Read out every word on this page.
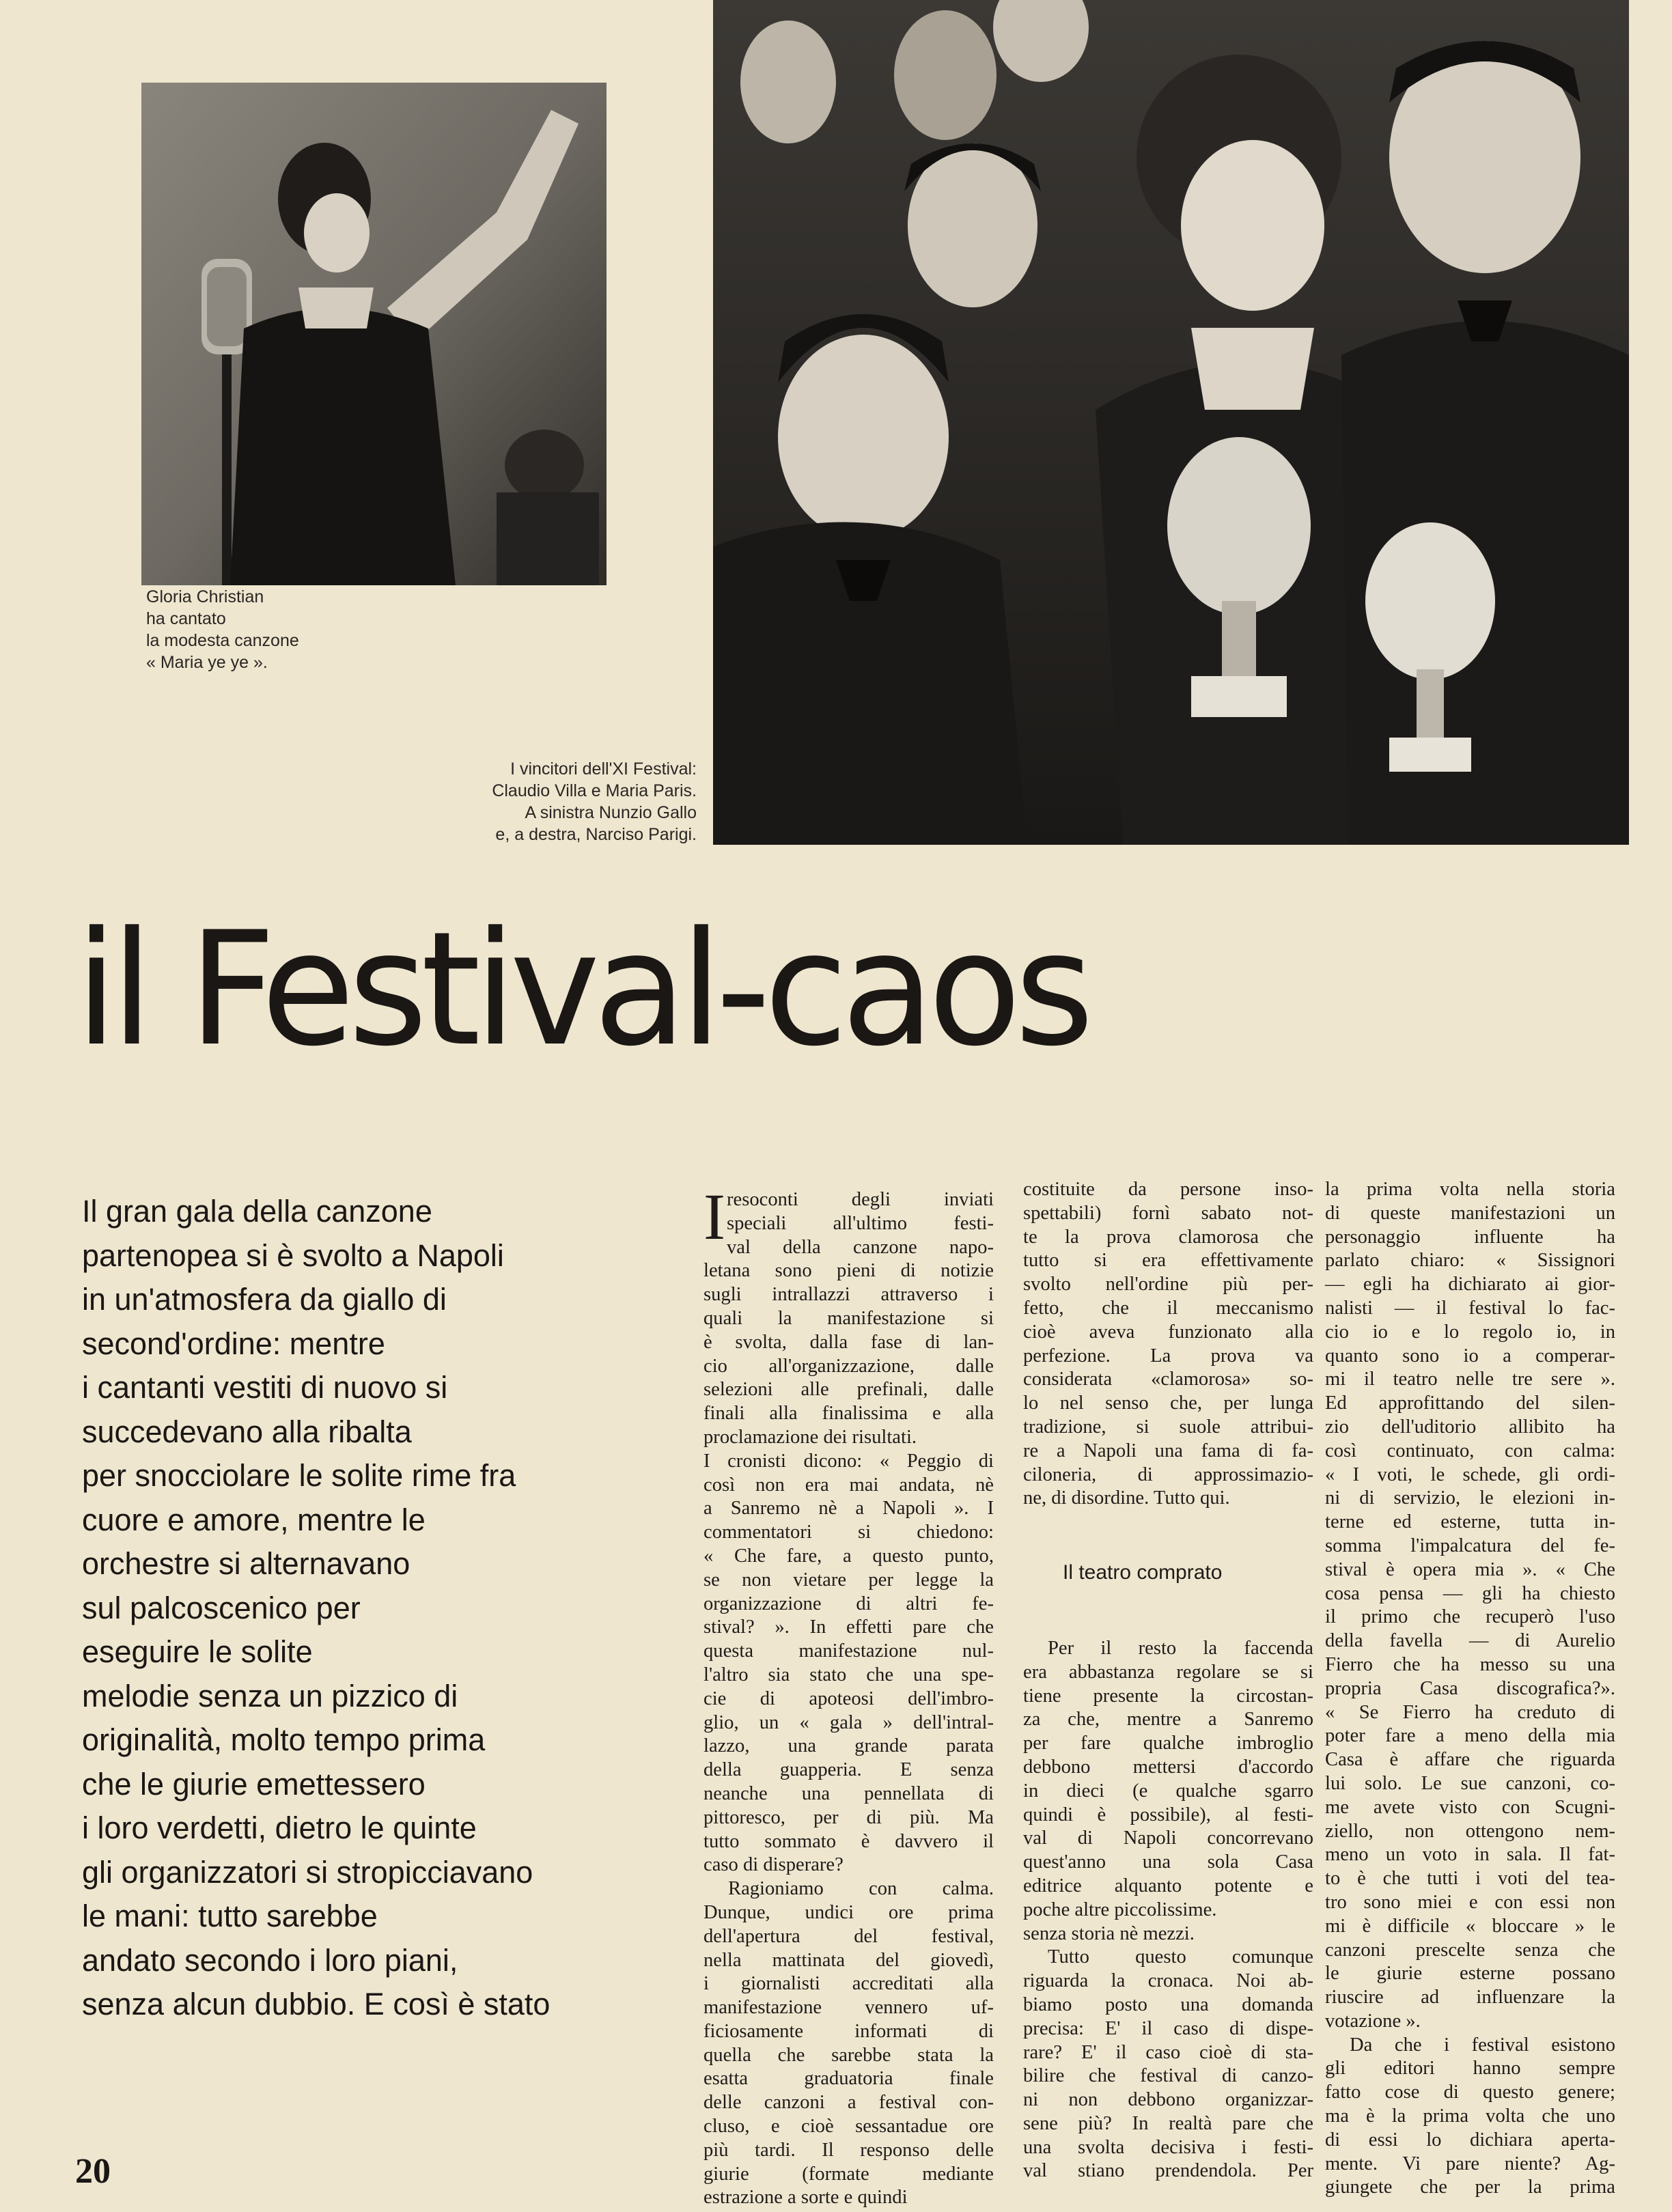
Gloria Christian
ha cantato
la modesta canzone
« Maria ye ye ».
I vincitori dell'XI Festival:
Claudio Villa e Maria Paris.
A sinistra Nunzio Gallo
e, a destra, Narciso Parigi.
il Festival-caos
Il gran gala della canzone
partenopea si è svolto a Napoli
in un'atmosfera da giallo di
second'ordine: mentre
i cantanti vestiti di nuovo si
succedevano alla ribalta
per snocciolare le solite rime fra
cuore e amore, mentre le
orchestre si alternavano
sul palcoscenico per
eseguire le solite
melodie senza un pizzico di
originalità, molto tempo prima
che le giurie emettessero
i loro verdetti, dietro le quinte
gli organizzatori si stropicciavano
le mani: tutto sarebbe
andato secondo i loro piani,
senza alcun dubbio. E così è stato
I resoconti degli inviati
speciali all'ultimo festi-
val della canzone napo-
letana sono pieni di notizie
sugli intrallazzi attraverso i
quali la manifestazione si
è svolta, dalla fase di lan-
cio all'organizzazione, dalle
selezioni alle prefinali, dalle
finali alla finalissima e alla
proclamazione dei risultati.
I cronisti dicono: « Peggio di
così non era mai andata, nè
a Sanremo nè a Napoli ». I
commentatori si chiedono:
« Che fare, a questo punto,
se non vietare per legge la
organizzazione di altri fe-
stival? ». In effetti pare che
questa manifestazione nul-
l'altro sia stato che una spe-
cie di apoteosi dell'imbro-
glio, un « gala » dell'intral-
lazzo, una grande parata
della guapperia. E senza
neanche una pennellata di
pittoresco, per di più. Ma
tutto sommato è davvero il
caso di disperare?
Ragioniamo con calma.
Dunque, undici ore prima
dell'apertura del festival,
nella mattinata del giovedì,
i giornalisti accreditati alla
manifestazione vennero uf-
ficiosamente informati di
quella che sarebbe stata la
esatta graduatoria finale
delle canzoni a festival con-
cluso, e cioè sessantadue ore
più tardi. Il responso delle
giurie (formate mediante
estrazione a sorte e quindi
costituite da persone inso-
spettabili) fornì sabato not-
te la prova clamorosa che
tutto si era effettivamente
svolto nell'ordine più per-
fetto, che il meccanismo
cioè aveva funzionato alla
perfezione. La prova va
considerata «clamorosa» so-
lo nel senso che, per lunga
tradizione, si suole attribui-
re a Napoli una fama di fa-
ciloneria, di approssimazio-
ne, di disordine. Tutto qui.
Il teatro comprato
Per il resto la faccenda
era abbastanza regolare se si
tiene presente la circostan-
za che, mentre a Sanremo
per fare qualche imbroglio
debbono mettersi d'accordo
in dieci (e qualche sgarro
quindi è possibile), al festi-
val di Napoli concorrevano
quest'anno una sola Casa
editrice alquanto potente e
poche altre piccolissime.
senza storia nè mezzi.
Tutto questo comunque
riguarda la cronaca. Noi ab-
biamo posto una domanda
precisa: E' il caso di dispe-
rare? E' il caso cioè di sta-
bilire che festival di canzo-
ni non debbono organizzar-
sene più? In realtà pare che
una svolta decisiva i festi-
val stiano prendendola. Per
la prima volta nella storia
di queste manifestazioni un
personaggio influente ha
parlato chiaro: « Sissignori
— egli ha dichiarato ai gior-
nalisti — il festival lo fac-
cio io e lo regolo io, in
quanto sono io a comperar-
mi il teatro nelle tre sere ».
Ed approfittando del silen-
zio dell'uditorio allibito ha
così continuato, con calma:
« I voti, le schede, gli ordi-
ni di servizio, le elezioni in-
terne ed esterne, tutta in-
somma l'impalcatura del fe-
stival è opera mia ». « Che
cosa pensa — gli ha chiesto
il primo che recuperò l'uso
della favella — di Aurelio
Fierro che ha messo su una
propria Casa discografica?».
« Se Fierro ha creduto di
poter fare a meno della mia
Casa è affare che riguarda
lui solo. Le sue canzoni, co-
me avete visto con Scugni-
ziello, non ottengono nem-
meno un voto in sala. Il fat-
to è che tutti i voti del tea-
tro sono miei e con essi non
mi è difficile « bloccare » le
canzoni prescelte senza che
le giurie esterne possano
riuscire ad influenzare la
votazione ».
Da che i festival esistono
gli editori hanno sempre
fatto cose di questo genere;
ma è la prima volta che uno
di essi lo dichiara aperta-
mente. Vi pare niente? Ag-
giungete che per la prima
20
